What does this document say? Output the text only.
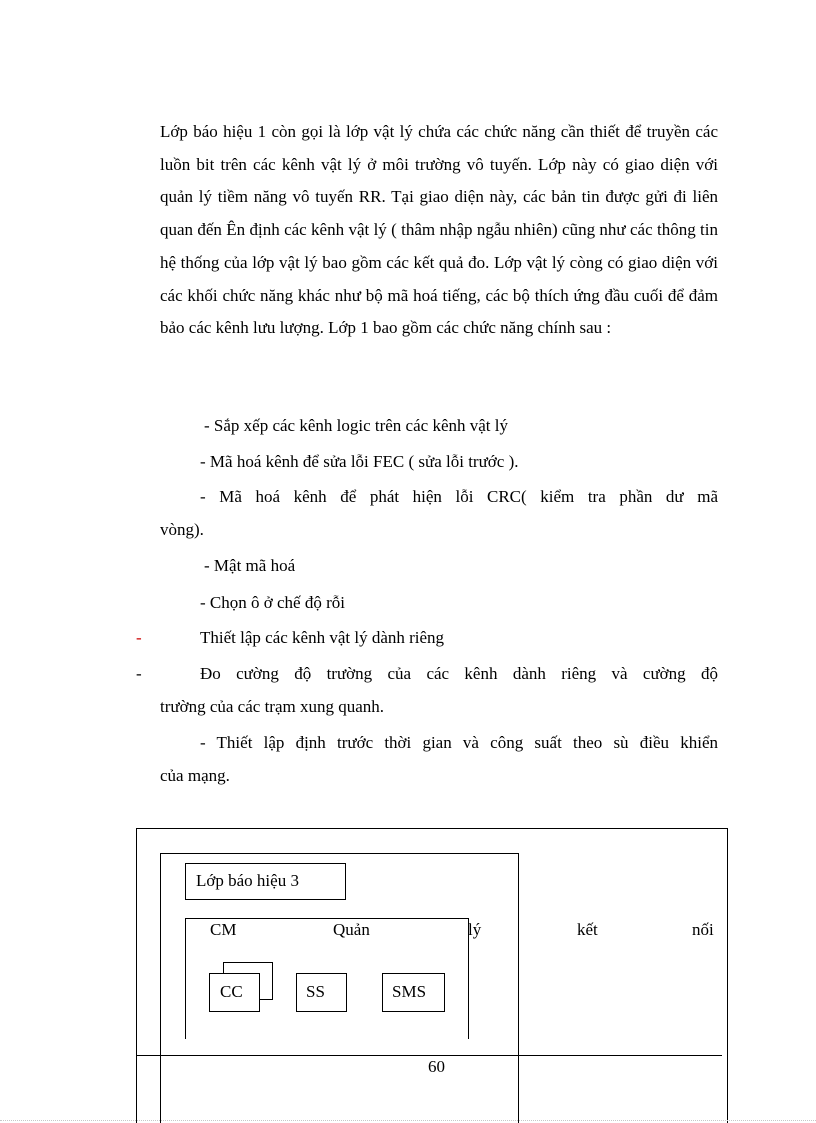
Lớp báo hiệu 1 còn gọi là lớp vật lý chứa các chức năng cần thiết để truyền các luồn bit trên các kênh vật lý ở môi trường vô tuyến. Lớp này có giao diện với quản lý tiềm năng vô tuyến RR. Tại giao diện này, các bản tin được gửi đi liên quan đến Ên định các kênh vật lý ( thâm nhập ngẫu nhiên) cũng như các thông tin hệ thống của lớp vật lý bao gồm các kết quả đo. Lớp vật lý còng có giao diện với các khối chức năng khác như bộ mã hoá tiếng, các bộ thích ứng đầu cuối để đảm bảo các kênh lưu lượng. Lớp 1 bao gồm các chức năng chính sau :

- Sắp xếp các kênh logic trên các kênh vật lý
- Mã hoá kênh để sửa lỗi FEC ( sửa lỗi trước ).
- Mã hoá kênh để phát hiện lỗi CRC( kiểm tra phần dư mã
vòng).
- Mật mã hoá
- Chọn ô ở chế độ rỗi
-	Thiết lập các kênh vật lý dành riêng
-	Đo cường độ trường của các kênh dành riêng và cường độ
trường của các trạm xung quanh.
- Thiết lập định trước thời gian và công suất theo sù điều khiển
của mạng.
Lớp báo hiệu 3
CM	Quản	lý	kết	nối
CC	SS	SMS
60
